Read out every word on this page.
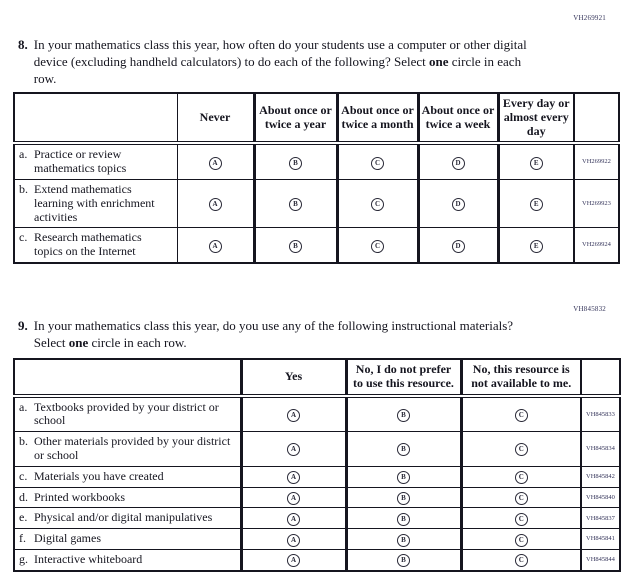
VH269921
8. In your mathematics class this year, how often do your students use a computer or other digital device (excluding handheld calculators) to do each of the following? Select one circle in each row.
	Never	About once or twice a year	About once or twice a month	About once or twice a week	Every day or almost every day	
a. Practice or review mathematics topics	A	B	C	D	E	VH269922
b. Extend mathematics learning with enrichment activities	A	B	C	D	E	VH269923
c. Research mathematics topics on the Internet	A	B	C	D	E	VH269924
VH845832
9. In your mathematics class this year, do you use any of the following instructional materials? Select one circle in each row.
	Yes	No, I do not prefer to use this resource.	No, this resource is not available to me.	
a. Textbooks provided by your district or school	A	B	C	VH845833
b. Other materials provided by your district or school	A	B	C	VH845834
c. Materials you have created	A	B	C	VH845842
d. Printed workbooks	A	B	C	VH845840
e. Physical and/or digital manipulatives	A	B	C	VH845837
f. Digital games	A	B	C	VH845841
g. Interactive whiteboard	A	B	C	VH845844
